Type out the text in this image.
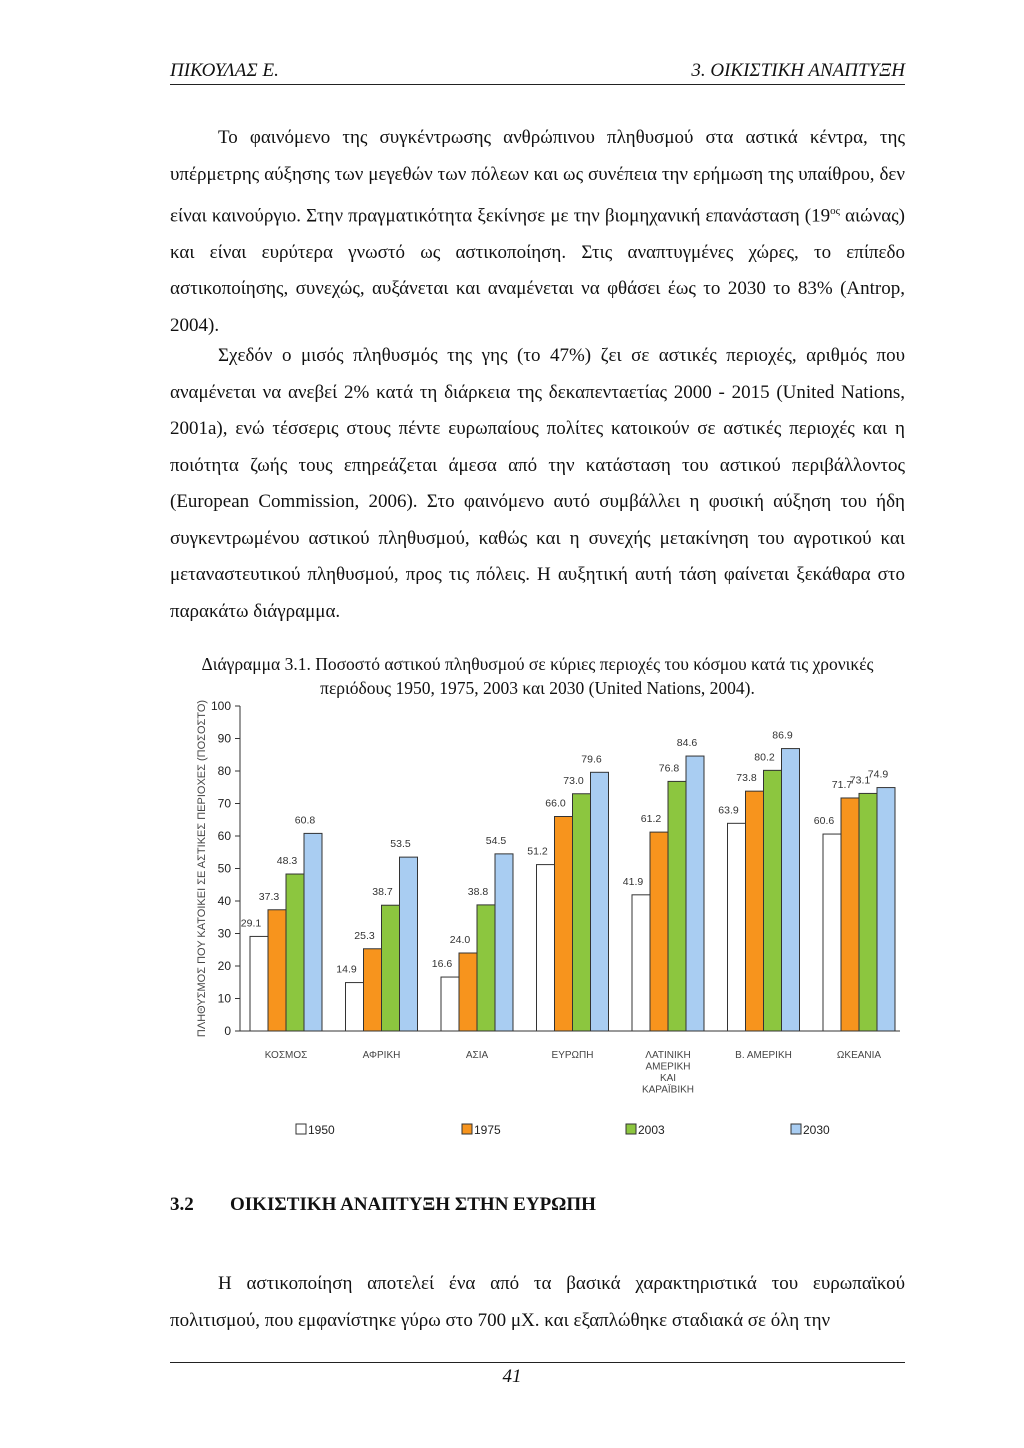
ΠΙΚΟΥΛΑΣ Ε.	3. ΟΙΚΙΣΤΙΚΗ ΑΝΑΠΤΥΞΗ

Το φαινόμενο της συγκέντρωσης ανθρώπινου πληθυσμού στα αστικά κέντρα, της υπέρμετρης αύξησης των μεγεθών των πόλεων και ως συνέπεια την ερήμωση της υπαίθρου, δεν είναι καινούργιο. Στην πραγματικότητα ξεκίνησε με την βιομηχανική επανάσταση ($19^{o\varsigma}$ αιώνας) και είναι ευρύτερα γνωστό ως αστικοποίηση. Στις αναπτυγμένες χώρες, το επίπεδο αστικοποίησης, συνεχώς, αυξάνεται και αναμένεται να φθάσει έως το 2030 το 83% (Antrop, 2004).

Σχεδόν ο μισός πληθυσμός της γης (το 47%) ζει σε αστικές περιοχές, αριθμός που αναμένεται να ανεβεί 2% κατά τη διάρκεια της δεκαπενταετίας 2000 - 2015 (United Nations, 2001a), ενώ τέσσερις στους πέντε ευρωπαίους πολίτες κατοικούν σε αστικές περιοχές και η ποιότητα ζωής τους επηρεάζεται άμεσα από την κατάσταση του αστικού περιβάλλοντος (European Commission, 2006). Στο φαινόμενο αυτό συμβάλλει η φυσική αύξηση του ήδη συγκεντρωμένου αστικού πληθυσμού, καθώς και η συνεχής μετακίνηση του αγροτικού και μεταναστευτικού πληθυσμού, προς τις πόλεις. Η αυξητική αυτή τάση φαίνεται ξεκάθαρα στο παρακάτω διάγραμμα.

Διάγραμμα 3.1. Ποσοστό αστικού πληθυσμού σε κύριες περιοχές του κόσμου κατά τις χρονικές
περιόδους 1950, 1975, 2003 και 2030 (United Nations, 2004).

0
10
20
30
40
50
60
70
80
90
100
ΠΛΗΘΥΣΜΟΣ ΠΟΥ ΚΑΤΟΙΚΕΙ ΣΕ ΑΣΤΙΚΕΣ ΠΕΡΙΟΧΕΣ (ΠΟΣΟΣΤΟ)	29.1
37.3
48.3
60.8
ΚΟΣΜΟΣ
14.9
25.3
38.7
53.5
ΑΦΡΙΚΗ
16.6
24.0
38.8
54.5
ΑΣΙΑ
51.2
66.0
73.0
79.6
ΕΥΡΩΠΗ
41.9
61.2
76.8
84.6
ΛΑΤΙΝΙΚΗ
ΑΜΕΡΙΚΗ
ΚΑΙ
ΚΑΡΑΪΒΙΚΗ
63.9
73.8
80.2
86.9
Β. ΑΜΕΡΙΚΗ
60.6
71.7
73.1
74.9
ΩΚΕΑΝΙΑ
1950	1975	2003	2030

3.2 ΟΙΚΙΣΤΙΚΗ ΑΝΑΠΤΥΞΗ ΣΤΗΝ ΕΥΡΩΠΗ

Η αστικοποίηση αποτελεί ένα από τα βασικά χαρακτηριστικά του ευρωπαϊκού πολιτισμού, που εμφανίστηκε γύρω στο 700 μΧ. και εξαπλώθηκε σταδιακά σε όλη την

41
